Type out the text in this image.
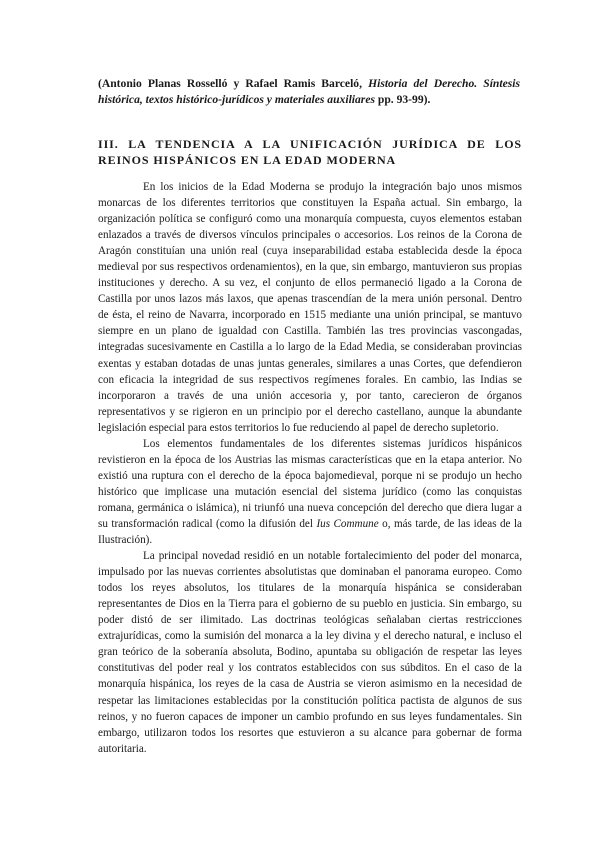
(Antonio Planas Rosselló y Rafael Ramis Barceló, Historia del Derecho. Síntesis histórica, textos histórico-jurídicos y materiales auxiliares pp. 93-99).
III. LA TENDENCIA A LA UNIFICACIÓN JURÍDICA DE LOS REINOS HISPÁNICOS EN LA EDAD MODERNA

En los inicios de la Edad Moderna se produjo la integración bajo unos mismos monarcas de los diferentes territorios que constituyen la España actual. Sin embargo, la organización política se configuró como una monarquía compuesta, cuyos elementos estaban enlazados a través de diversos vínculos principales o accesorios. Los reinos de la Corona de Aragón constituían una unión real (cuya inseparabilidad estaba establecida desde la época medieval por sus respectivos ordenamientos), en la que, sin embargo, mantuvieron sus propias instituciones y derecho. A su vez, el conjunto de ellos permaneció ligado a la Corona de Castilla por unos lazos más laxos, que apenas trascendían de la mera unión personal. Dentro de ésta, el reino de Navarra, incorporado en 1515 mediante una unión principal, se mantuvo siempre en un plano de igualdad con Castilla. También las tres provincias vascongadas, integradas sucesivamente en Castilla a lo largo de la Edad Media, se consideraban provincias exentas y estaban dotadas de unas juntas generales, similares a unas Cortes, que defendieron con eficacia la integridad de sus respectivos regímenes forales. En cambio, las Indias se incorporaron a través de una unión accesoria y, por tanto, carecieron de órganos representativos y se rigieron en un principio por el derecho castellano, aunque la abundante legislación especial para estos territorios lo fue reduciendo al papel de derecho supletorio.

Los elementos fundamentales de los diferentes sistemas jurídicos hispánicos revistieron en la época de los Austrias las mismas características que en la etapa anterior. No existió una ruptura con el derecho de la época bajomedieval, porque ni se produjo un hecho histórico que implicase una mutación esencial del sistema jurídico (como las conquistas romana, germánica o islámica), ni triunfó una nueva concepción del derecho que diera lugar a su transformación radical (como la difusión del Ius Commune o, más tarde, de las ideas de la Ilustración).

La principal novedad residió en un notable fortalecimiento del poder del monarca, impulsado por las nuevas corrientes absolutistas que dominaban el panorama europeo. Como todos los reyes absolutos, los titulares de la monarquía hispánica se consideraban representantes de Dios en la Tierra para el gobierno de su pueblo en justicia. Sin embargo, su poder distó de ser ilimitado. Las doctrinas teológicas señalaban ciertas restricciones extrajurídicas, como la sumisión del monarca a la ley divina y el derecho natural, e incluso el gran teórico de la soberanía absoluta, Bodino, apuntaba su obligación de respetar las leyes constitutivas del poder real y los contratos establecidos con sus súbditos. En el caso de la monarquía hispánica, los reyes de la casa de Austria se vieron asimismo en la necesidad de respetar las limitaciones establecidas por la constitución política pactista de algunos de sus reinos, y no fueron capaces de imponer un cambio profundo en sus leyes fundamentales. Sin embargo, utilizaron todos los resortes que estuvieron a su alcance para gobernar de forma autoritaria.
